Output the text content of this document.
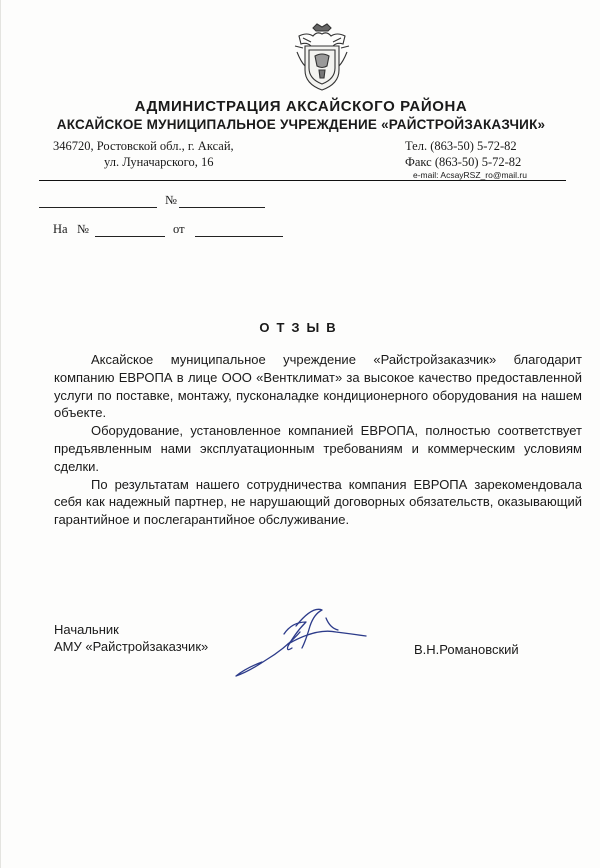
АДМИНИСТРАЦИЯ АКСАЙСКОГО РАЙОНА
АКСАЙСКОЕ МУНИЦИПАЛЬНОЕ УЧРЕЖДЕНИЕ «РАЙСТРОЙЗАКАЗЧИК»
346720, Ростовской обл., г. Аксай,
ул. Луначарского, 16
Тел. (863-50) 5-72-82
Факс (863-50) 5-72-82
e-mail: AcsayRSZ_ro@mail.ru
№
На №	от
ОТЗЫВ

Аксайское муниципальное учреждение «Райстройзаказчик» благодарит компанию ЕВРОПА в лице ООО «Вентклимат» за высокое качество предоставленной услуги по поставке, монтажу, пусконаладке кондиционерного оборудования на нашем объекте.

Оборудование, установленное компанией ЕВРОПА, полностью соответствует предъявленным нами эксплуатационным требованиям и коммерческим условиям сделки.

По результатам нашего сотрудничества компания ЕВРОПА зарекомендовала себя как надежный партнер, не нарушающий договорных обязательств, оказывающий гарантийное и послегарантийное обслуживание.

Начальник
АМУ «Райстройзаказчик»	В.Н.Романовский
